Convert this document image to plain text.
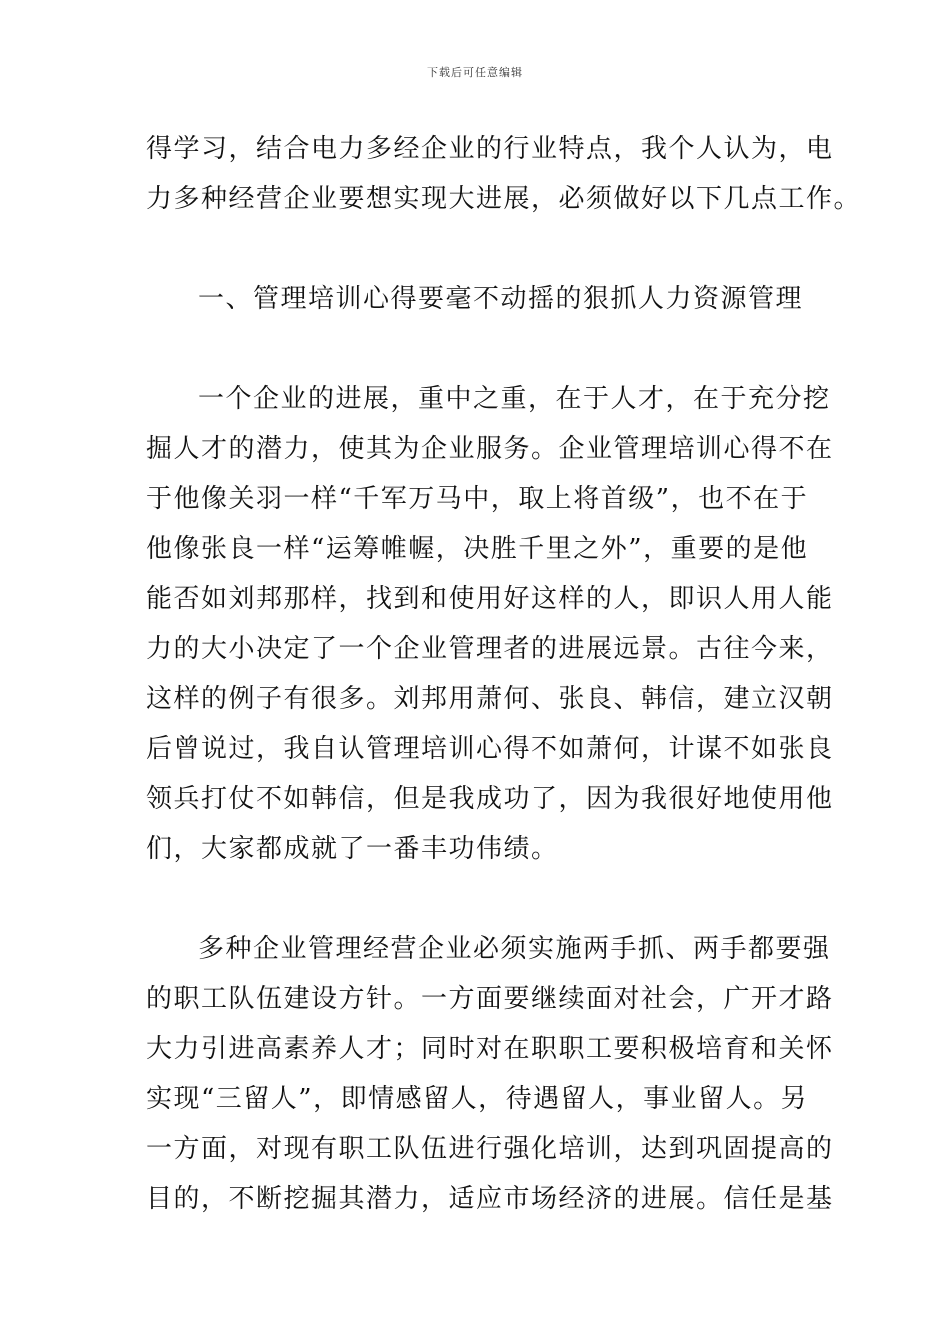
下载后可任意编辑
得学习，结合电力多经企业的行业特点，我个人认为，电
力多种经营企业要想实现大进展，必须做好以下几点工作。
一、管理培训心得要毫不动摇的狠抓人力资源管理
一个企业的进展，重中之重，在于人才，在于充分挖
掘人才的潜力，使其为企业服务。企业管理培训心得不在
于他像关羽一样“千军万马中，取上将首级”，也不在于
他像张良一样“运筹帷幄，决胜千里之外”，重要的是他
能否如刘邦那样，找到和使用好这样的人，即识人用人能
力的大小决定了一个企业管理者的进展远景。古往今来，
这样的例子有很多。刘邦用萧何、张良、韩信，建立汉朝
后曾说过，我自认管理培训心得不如萧何，计谋不如张良
领兵打仗不如韩信，但是我成功了，因为我很好地使用他
们，大家都成就了一番丰功伟绩。
多种企业管理经营企业必须实施两手抓、两手都要强
的职工队伍建设方针。一方面要继续面对社会，广开才路
大力引进高素养人才；同时对在职职工要积极培育和关怀
实现“三留人”，即情感留人，待遇留人，事业留人。另
一方面，对现有职工队伍进行强化培训，达到巩固提高的
目的，不断挖掘其潜力，适应市场经济的进展。信任是基
